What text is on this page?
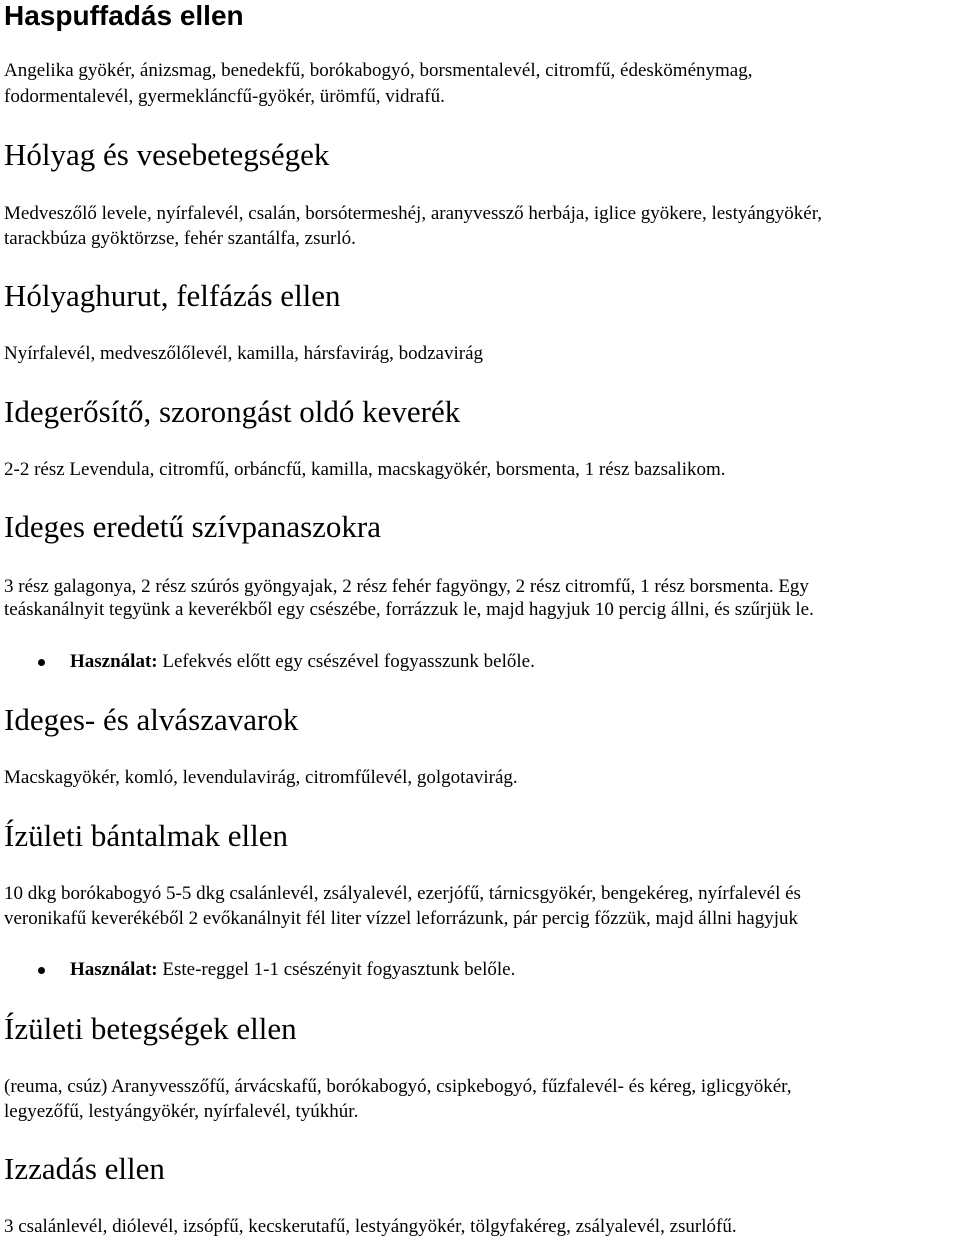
Haspuffadás ellen

Angelika gyökér, ánizsmag, benedekfű, borókabogyó, borsmentalevél, citromfű, édesköménymag,

fodormentalevél, gyermekláncfű-gyökér, ürömfű, vidrafű.

Hólyag és vesebetegségek

Medveszőlő levele, nyírfalevél, csalán, borsótermeshéj, aranyvessző herbája, iglice gyökere, lestyángyökér,

tarackbúza gyöktörzse, fehér szantálfa, zsurló.

Hólyaghurut, felfázás ellen

Nyírfalevél, medveszőlőlevél, kamilla, hársfavirág, bodzavirág

Idegerősítő, szorongást oldó keverék

2-2 rész Levendula, citromfű, orbáncfű, kamilla, macskagyökér, borsmenta, 1 rész bazsalikom.

Ideges eredetű szívpanaszokra

3 rész galagonya, 2 rész szúrós gyöngyajak, 2 rész fehér fagyöngy, 2 rész citromfű, 1 rész borsmenta. Egy

teáskanálnyit tegyünk a keverékből egy csészébe, forrázzuk le, majd hagyjuk 10 percig állni, és szűrjük le.

Használat: Lefekvés előtt egy csészével fogyasszunk belőle.
Ideges- és alvászavarok

Macskagyökér, komló, levendulavirág, citromfűlevél, golgotavirág.

Ízületi bántalmak ellen

10 dkg borókabogyó 5-5 dkg csalánlevél, zsályalevél, ezerjófű, tárnicsgyökér, bengekéreg, nyírfalevél és

veronikafű keverékéből 2 evőkanálnyit fél liter vízzel leforrázunk, pár percig főzzük, majd állni hagyjuk

Használat: Este-reggel 1-1 csészényit fogyasztunk belőle.
Ízületi betegségek ellen

(reuma, csúz) Aranyvesszőfű, árvácskafű, borókabogyó, csipkebogyó, fűzfalevél- és kéreg, iglicgyökér,

legyezőfű, lestyángyökér, nyírfalevél, tyúkhúr.

Izzadás ellen

3 csalánlevél, diólevél, izsópfű, kecskerutafű, lestyángyökér, tölgyfakéreg, zsályalevél, zsurlófű.
